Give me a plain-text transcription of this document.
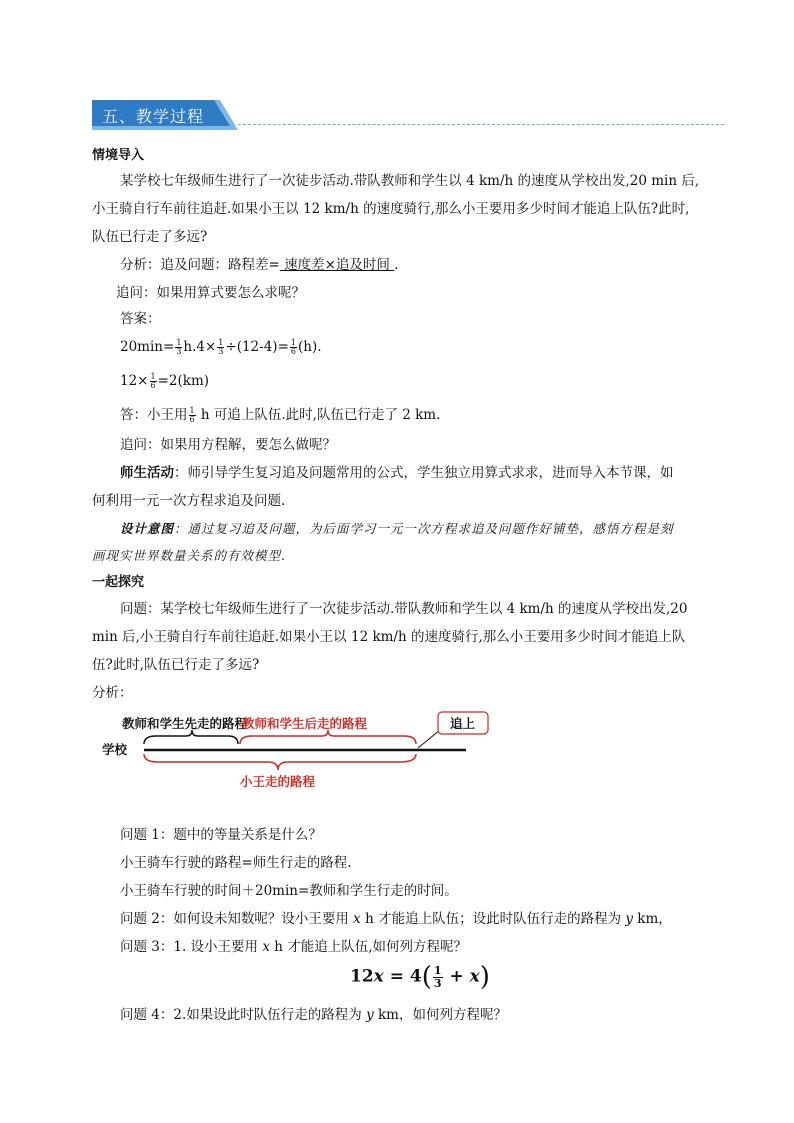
五、教学过程
情境导入
某学校七年级师生进行了一次徒步活动.带队教师和学生以 4 km/h 的速度从学校出发,20 min 后,
小王骑自行车前往追赶.如果小王以 12 km/h 的速度骑行,那么小王要用多少时间才能追上队伍?此时,
队伍已行走了多远?
分析：追及问题：路程差= 速度差×追及时间 .
追问：如果用算式要怎么求呢？
答案：
$20\min= \frac{1}{3} h.4\times \frac{1}{3} \div(12-4)= \frac{1}{6} (h)$.
$12\times \frac{1}{6} =2(km)$
答：小王用 $\frac{1}{6}$ h 可追上队伍.此时,队伍已行走了 2 km.
追问：如果用方程解，要怎么做呢？
师生活动：师引导学生复习追及问题常用的公式，学生独立用算式求求，进而导入本节课，如
何利用一元一次方程求追及问题.
设计意图：通过复习追及问题，为后面学习一元一次方程求追及问题作好铺垫，感悟方程是刻
画现实世界数量关系的有效模型.
一起探究
问题：某学校七年级师生进行了一次徒步活动.带队教师和学生以 4 km/h 的速度从学校出发,20
min 后,小王骑自行车前往追赶.如果小王以 12 km/h 的速度骑行,那么小王要用多少时间才能追上队
伍?此时,队伍已行走了多远?
分析：
教师和学生先走的路程
教师和学生后走的路程	追上
学校
小王走的路程
问题 1：题中的等量关系是什么？
小王骑车行驶的路程=师生行走的路程.
小王骑车行驶的时间＋20min=教师和学生行走的时间。
问题 2：如何设未知数呢？设小王要用 x h 才能追上队伍；设此时队伍行走的路程为 y km，
问题 3：1. 设小王要用 x h 才能追上队伍,如何列方程呢？
$12x = 4( \frac{1}{3} + x)$
问题 4：2.如果设此时队伍行走的路程为 y km，如何列方程呢？
